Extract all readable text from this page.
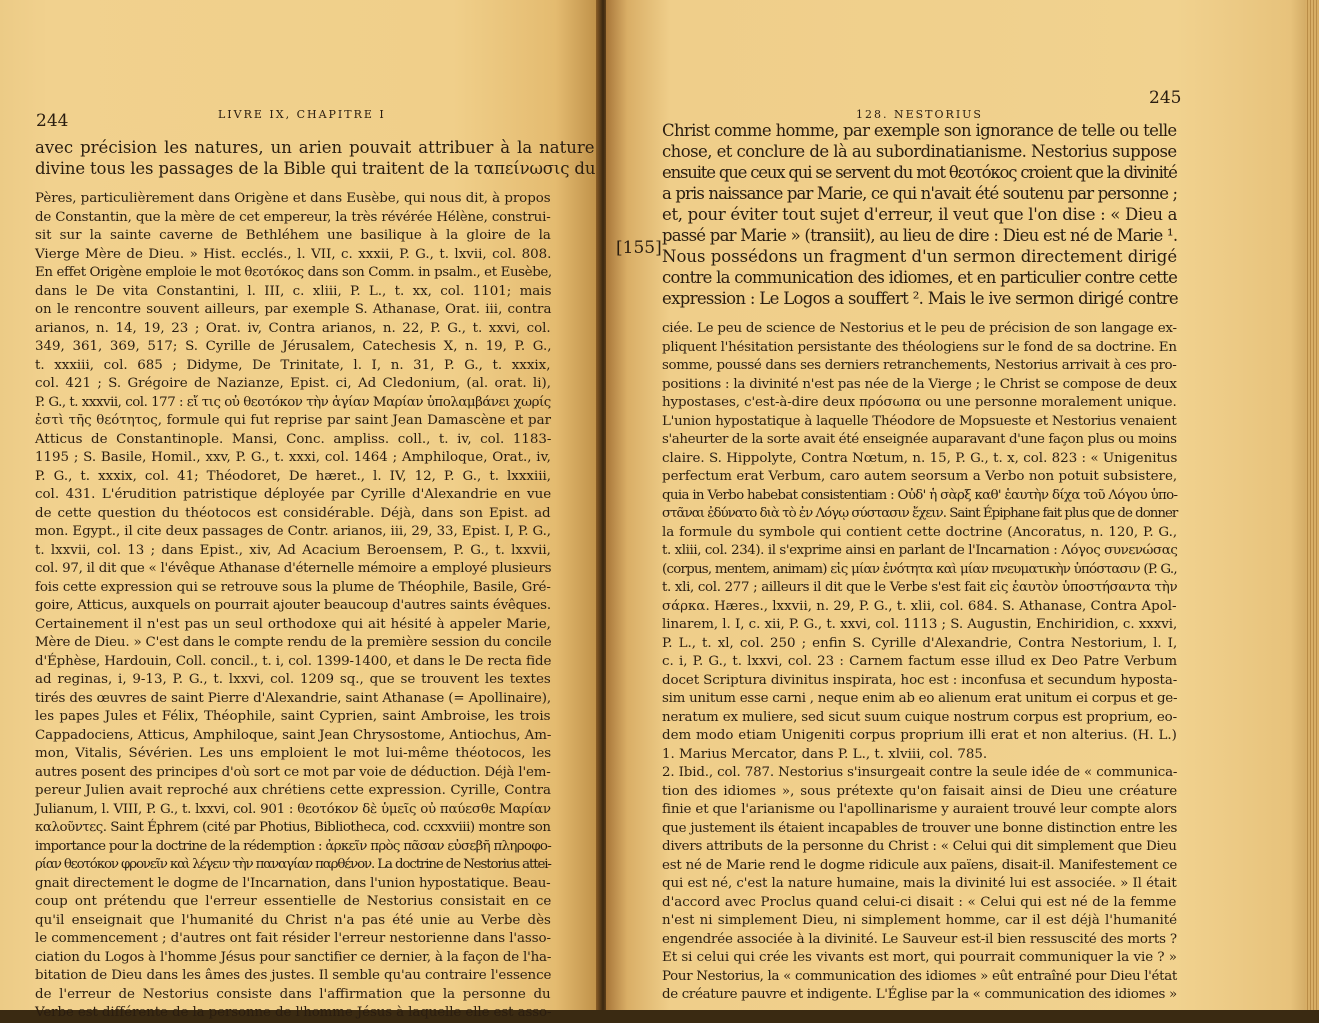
244	LIVRE IX, CHAPITRE I
avec précision les natures, un arien pouvait attribuer à la nature
divine tous les passages de la Bible qui traitent de la ταπείνωσις du
Pères, particulièrement dans Origène et dans Eusèbe, qui nous dit, à propos
de Constantin, que la mère de cet empereur, la très révérée Hélène, construi-
sit sur la sainte caverne de Bethléhem une basilique à la gloire de la
Vierge Mère de Dieu. » Hist. ecclés., l. VII, c. xxxii, P. G., t. lxvii, col. 808.
En effet Origène emploie le mot θεοτόκος dans son Comm. in psalm., et Eusèbe,
dans le De vita Constantini, l. III, c. xliii, P. L., t. xx, col. 1101; mais
on le rencontre souvent ailleurs, par exemple S. Athanase, Orat. iii, contra
arianos, n. 14, 19, 23 ; Orat. iv, Contra arianos, n. 22, P. G., t. xxvi, col.
349, 361, 369, 517; S. Cyrille de Jérusalem, Catechesis X, n. 19, P. G.,
t. xxxiii, col. 685 ; Didyme, De Trinitate, l. I, n. 31, P. G., t. xxxix,
col. 421 ; S. Grégoire de Nazianze, Epist. ci, Ad Cledonium, (al. orat. li),
P. G., t. xxxvii, col. 177 : εἴ τις οὐ θεοτόκον τὴν ἁγίαν Μαρίαν ὑπολαμβάνει χωρίς
ἐστὶ τῆς θεότητος, formule qui fut reprise par saint Jean Damascène et par
Atticus de Constantinople. Mansi, Conc. ampliss. coll., t. iv, col. 1183-
1195 ; S. Basile, Homil., xxv, P. G., t. xxxi, col. 1464 ; Amphiloque, Orat., iv,
P. G., t. xxxix, col. 41; Théodoret, De hæret., l. IV, 12, P. G., t. lxxxiii,
col. 431. L'érudition patristique déployée par Cyrille d'Alexandrie en vue
de cette question du théotocos est considérable. Déjà, dans son Epist. ad
mon. Egypt., il cite deux passages de Contr. arianos, iii, 29, 33, Epist. I, P. G.,
t. lxxvii, col. 13 ; dans Epist., xiv, Ad Acacium Beroensem, P. G., t. lxxvii,
col. 97, il dit que « l'évêque Athanase d'éternelle mémoire a employé plusieurs
fois cette expression qui se retrouve sous la plume de Théophile, Basile, Gré-
goire, Atticus, auxquels on pourrait ajouter beaucoup d'autres saints évêques.
Certainement il n'est pas un seul orthodoxe qui ait hésité à appeler Marie,
Mère de Dieu. » C'est dans le compte rendu de la première session du concile
d'Éphèse, Hardouin, Coll. concil., t. i, col. 1399-1400, et dans le De recta fide
ad reginas, i, 9-13, P. G., t. lxxvi, col. 1209 sq., que se trouvent les textes
tirés des œuvres de saint Pierre d'Alexandrie, saint Athanase (= Apollinaire),
les papes Jules et Félix, Théophile, saint Cyprien, saint Ambroise, les trois
Cappadociens, Atticus, Amphiloque, saint Jean Chrysostome, Antiochus, Am-
mon, Vitalis, Sévérien. Les uns emploient le mot lui-même théotocos, les
autres posent des principes d'où sort ce mot par voie de déduction. Déjà l'em-
pereur Julien avait reproché aux chrétiens cette expression. Cyrille, Contra
Julianum, l. VIII, P. G., t. lxxvi, col. 901 : θεοτόκον δὲ ὑμεῖς οὐ παύεσθε Μαρίαν
καλοῦντες. Saint Éphrem (cité par Photius, Bibliotheca, cod. ccxxviii) montre son
importance pour la doctrine de la rédemption : ἀρκεῖν πρὸς πᾶσαν εὐσεβῆ πληροφο-
ρίαν θεοτόκον φρονεῖν καὶ λέγειν τὴν παναγίαν παρθένον. La doctrine de Nestorius attei-
gnait directement le dogme de l'Incarnation, dans l'union hypostatique. Beau-
coup ont prétendu que l'erreur essentielle de Nestorius consistait en ce
qu'il enseignait que l'humanité du Christ n'a pas été unie au Verbe dès
le commencement ; d'autres ont fait résider l'erreur nestorienne dans l'asso-
ciation du Logos à l'homme Jésus pour sanctifier ce dernier, à la façon de l'ha-
bitation de Dieu dans les âmes des justes. Il semble qu'au contraire l'essence
de l'erreur de Nestorius consiste dans l'affirmation que la personne du
Verbe est différente de la personne de l'homme Jésus à laquelle elle est asso-
128. NESTORIUS
245
[155]
Christ comme homme, par exemple son ignorance de telle ou telle
chose, et conclure de là au subordinatianisme. Nestorius suppose
ensuite que ceux qui se servent du mot θεοτόκος croient que la divinité
a pris naissance par Marie, ce qui n'avait été soutenu par personne ;
et, pour éviter tout sujet d'erreur, il veut que l'on dise : « Dieu a
passé par Marie » (transiit), au lieu de dire : Dieu est né de Marie ¹.
Nous possédons un fragment d'un sermon directement dirigé
contre la communication des idiomes, et en particulier contre cette
expression : Le Logos a souffert ². Mais le ive sermon dirigé contre
ciée. Le peu de science de Nestorius et le peu de précision de son langage ex-
pliquent l'hésitation persistante des théologiens sur le fond de sa doctrine. En
somme, poussé dans ses derniers retranchements, Nestorius arrivait à ces pro-
positions : la divinité n'est pas née de la Vierge ; le Christ se compose de deux
hypostases, c'est-à-dire deux πρόσωπα ou une personne moralement unique.
L'union hypostatique à laquelle Théodore de Mopsueste et Nestorius venaient
s'aheurter de la sorte avait été enseignée auparavant d'une façon plus ou moins
claire. S. Hippolyte, Contra Nœtum, n. 15, P. G., t. x, col. 823 : « Unigenitus
perfectum erat Verbum, caro autem seorsum a Verbo non potuit subsistere,
quia in Verbo habebat consistentiam : Οὐδ' ἡ σὰρξ καθ' ἑαυτὴν δίχα τοῦ Λόγου ὑπο-
στᾶναι ἐδύνατο διὰ τὸ ἐν Λόγῳ σύστασιν ἔχειν. Saint Épiphane fait plus que de donner
la formule du symbole qui contient cette doctrine (Ancoratus, n. 120, P. G.,
t. xliii, col. 234). il s'exprime ainsi en parlant de l'Incarnation : Λόγος συνενώσας
(corpus, mentem, animam) εἰς μίαν ἑνότητα καὶ μίαν πνευματικὴν ὑπόστασιν (P. G.,
t. xli, col. 277 ; ailleurs il dit que le Verbe s'est fait εἰς ἑαυτὸν ὑποστήσαντα τὴν
σάρκα. Hæres., lxxvii, n. 29, P. G., t. xlii, col. 684. S. Athanase, Contra Apol-
linarem, l. I, c. xii, P. G., t. xxvi, col. 1113 ; S. Augustin, Enchiridion, c. xxxvi,
P. L., t. xl, col. 250 ; enfin S. Cyrille d'Alexandrie, Contra Nestorium, l. I,
c. i, P. G., t. lxxvi, col. 23 : Carnem factum esse illud ex Deo Patre Verbum
docet Scriptura divinitus inspirata, hoc est : inconfusa et secundum hyposta-
sim unitum esse carni , neque enim ab eo alienum erat unitum ei corpus et ge-
neratum ex muliere, sed sicut suum cuique nostrum corpus est proprium, eo-
dem modo etiam Unigeniti corpus proprium illi erat et non alterius. (H. L.)
1. Marius Mercator, dans P. L., t. xlviii, col. 785.
2. Ibid., col. 787. Nestorius s'insurgeait contre la seule idée de « communica-
tion des idiomes », sous prétexte qu'on faisait ainsi de Dieu une créature
finie et que l'arianisme ou l'apollinarisme y auraient trouvé leur compte alors
que justement ils étaient incapables de trouver une bonne distinction entre les
divers attributs de la personne du Christ : « Celui qui dit simplement que Dieu
est né de Marie rend le dogme ridicule aux païens, disait-il. Manifestement ce
qui est né, c'est la nature humaine, mais la divinité lui est associée. » Il était
d'accord avec Proclus quand celui-ci disait : « Celui qui est né de la femme
n'est ni simplement Dieu, ni simplement homme, car il est déjà l'humanité
engendrée associée à la divinité. Le Sauveur est-il bien ressuscité des morts ?
Et si celui qui crée les vivants est mort, qui pourrait communiquer la vie ? »
Pour Nestorius, la « communication des idiomes » eût entraîné pour Dieu l'état
de créature pauvre et indigente. L'Église par la « communication des idiomes »
